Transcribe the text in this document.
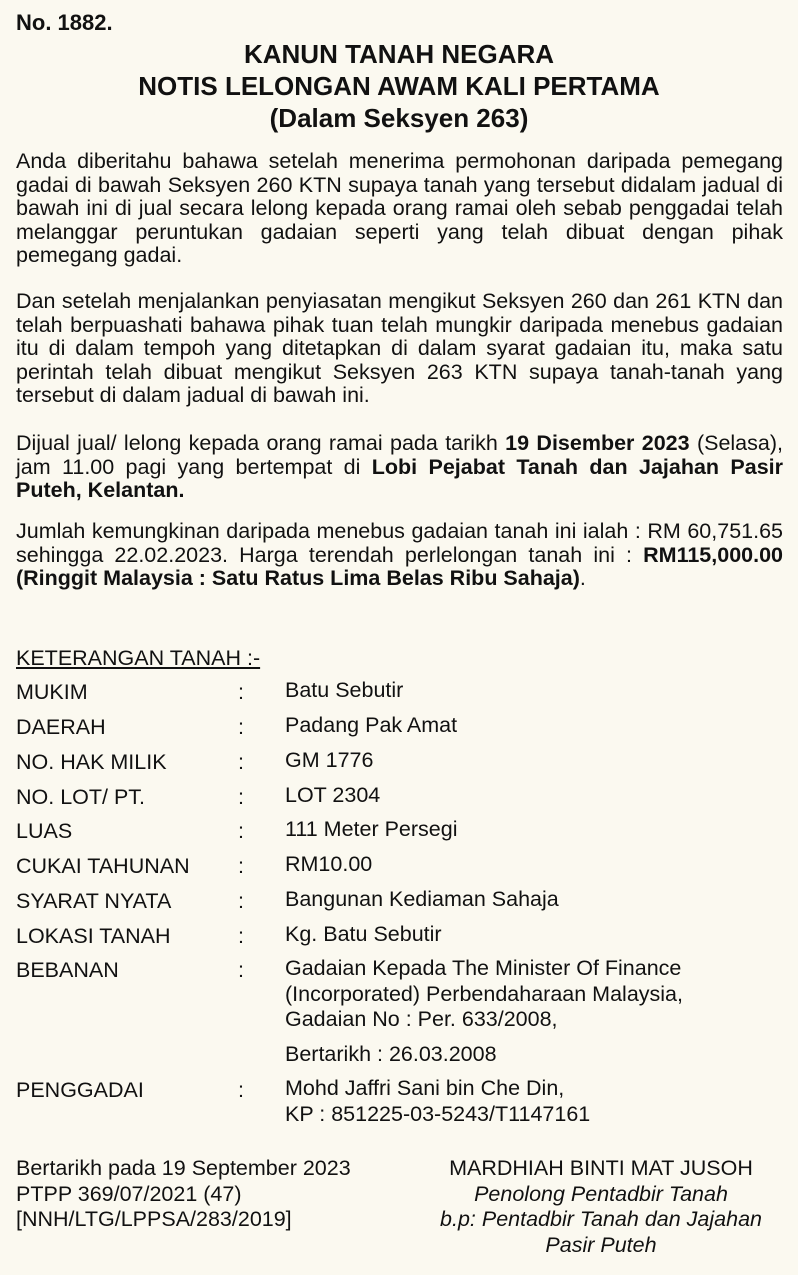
No. 1882.
KANUN TANAH NEGARA
NOTIS LELONGAN AWAM KALI PERTAMA
(Dalam Seksyen 263)
Anda diberitahu bahawa setelah menerima permohonan daripada pemegang gadai di bawah Seksyen 260 KTN supaya tanah yang tersebut didalam jadual di bawah ini di jual secara lelong kepada orang ramai oleh sebab penggadai telah melanggar peruntukan gadaian seperti yang telah dibuat dengan pihak pemegang gadai.
Dan setelah menjalankan penyiasatan mengikut Seksyen 260 dan 261 KTN dan telah berpuashati bahawa pihak tuan telah mungkir daripada menebus gadaian itu di dalam tempoh yang ditetapkan di dalam syarat gadaian itu, maka satu perintah telah dibuat mengikut Seksyen 263 KTN supaya tanah-tanah yang tersebut di dalam jadual di bawah ini.
Dijual jual/ lelong kepada orang ramai pada tarikh 19 Disember 2023 (Selasa), jam 11.00 pagi yang bertempat di Lobi Pejabat Tanah dan Jajahan Pasir Puteh, Kelantan.
Jumlah kemungkinan daripada menebus gadaian tanah ini ialah : RM 60,751.65 sehingga 22.02.2023. Harga terendah perlelongan tanah ini : RM115,000.00 (Ringgit Malaysia : Satu Ratus Lima Belas Ribu Sahaja).
KETERANGAN TANAH :-
MUKIM	: Batu Sebutir
DAERAH	: Padang Pak Amat
NO. HAK MILIK	: GM 1776
NO. LOT/ PT.	: LOT 2304
LUAS	: 111 Meter Persegi
CUKAI TAHUNAN : RM10.00
SYARAT NYATA	: Bangunan Kediaman Sahaja
LOKASI TANAH	: Kg. Batu Sebutir
BEBANAN	: Gadaian Kepada The Minister Of Finance
(Incorporated) Perbendaharaan Malaysia,
Gadaian No : Per. 633/2008,
Bertarikh : 26.03.2008
PENGGADAI	: Mohd Jaffri Sani bin Che Din,
KP : 851225-03-5243/T1147161
Bertarikh pada 19 September 2023
PTPP 369/07/2021 (47)
[NNH/LTG/LPPSA/283/2019]
MARDHIAH BINTI MAT JUSOH
Penolong Pentadbir Tanah
b.p: Pentadbir Tanah dan Jajahan
Pasir Puteh
